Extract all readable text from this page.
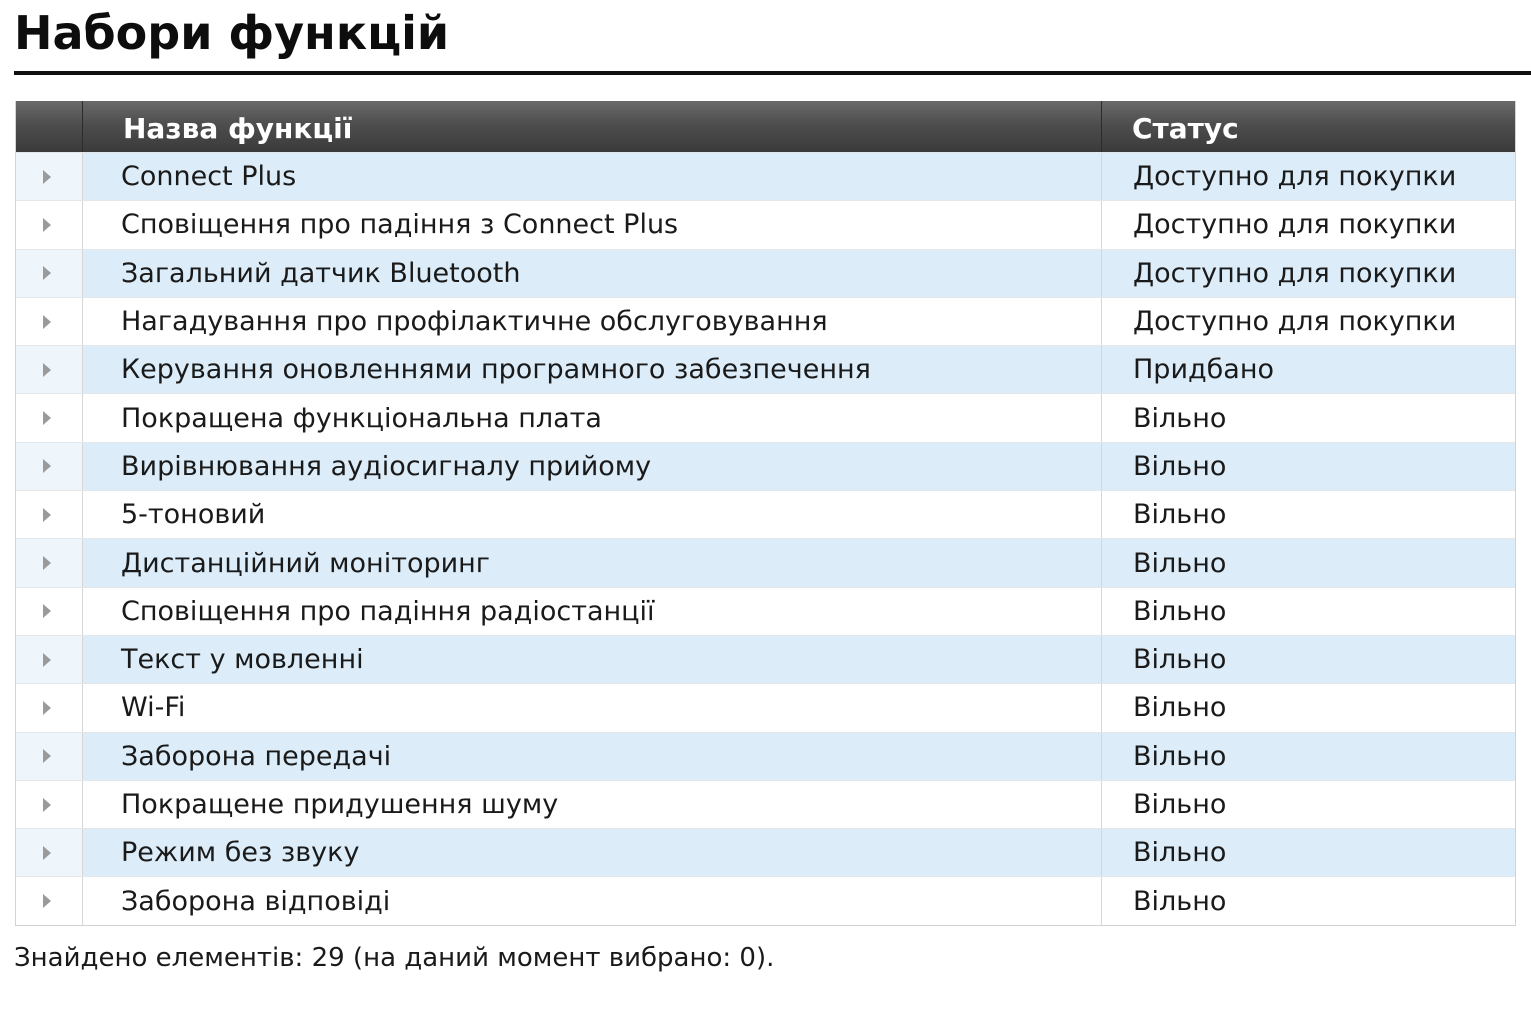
Набори функцій
Назва функції	Статус
Connect Plus	Доступно для покупки
Сповіщення про падіння з Connect Plus	Доступно для покупки
Загальний датчик Bluetooth	Доступно для покупки
Нагадування про профілактичне обслуговування	Доступно для покупки
Керування оновленнями програмного забезпечення	Придбано
Покращена функціональна плата	Вільно
Вирівнювання аудіосигналу прийому	Вільно
5-тоновий	Вільно
Дистанційний моніторинг	Вільно
Сповіщення про падіння радіостанції	Вільно
Текст у мовленні	Вільно
Wi-Fi	Вільно
Заборона передачі	Вільно
Покращене придушення шуму	Вільно
Режим без звуку	Вільно
Заборона відповіді	Вільно
Знайдено елементів: 29 (на даний момент вибрано: 0).
